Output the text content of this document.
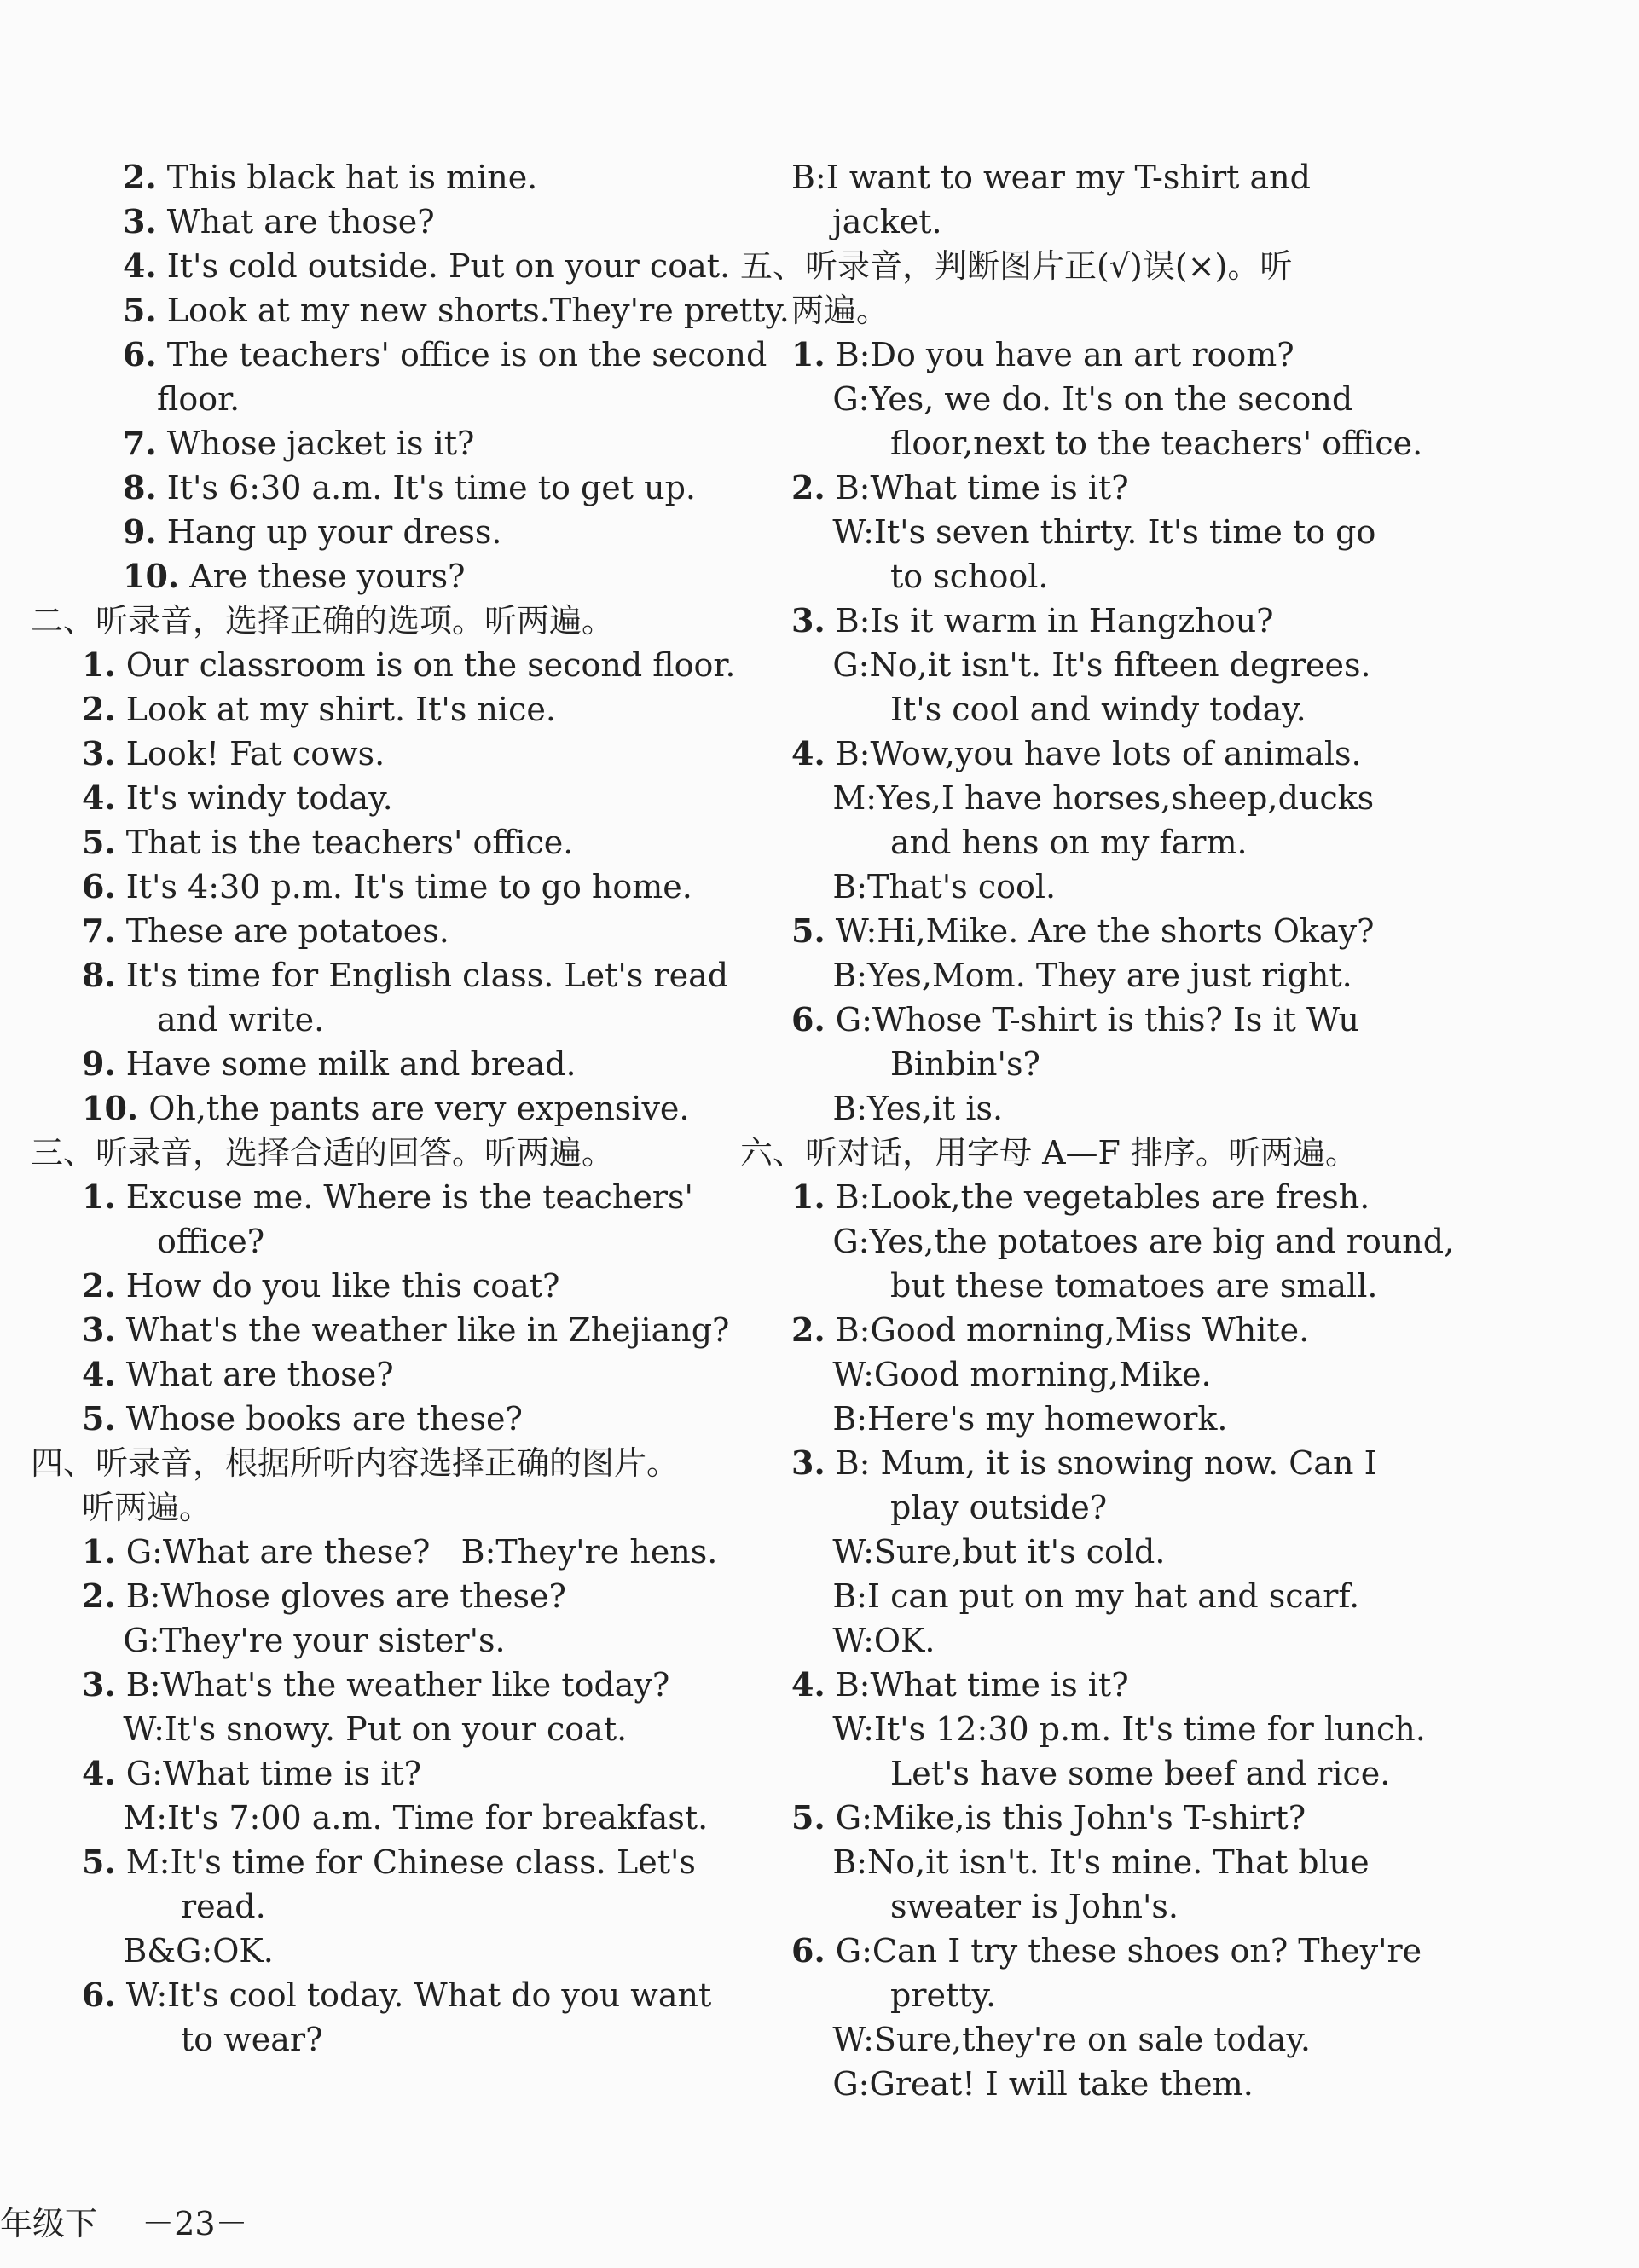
2. This black hat is mine.
3. What are those?
4. It's cold outside. Put on your coat.
5. Look at my new shorts.They're pretty.
6. The teachers' office is on the second
floor.
7. Whose jacket is it?
8. It's 6:30 a.m. It's time to get up.
9. Hang up your dress.
10. Are these yours?
二、听录音，选择正确的选项。听两遍。
1. Our classroom is on the second floor.
2. Look at my shirt. It's nice.
3. Look! Fat cows.
4. It's windy today.
5. That is the teachers' office.
6. It's 4:30 p.m. It's time to go home.
7. These are potatoes.
8. It's time for English class. Let's read
and write.
9. Have some milk and bread.
10. Oh,the pants are very expensive.
三、听录音，选择合适的回答。听两遍。
1. Excuse me. Where is the teachers'
office?
2. How do you like this coat?
3. What's the weather like in Zhejiang?
4. What are those?
5. Whose books are these?
四、听录音，根据所听内容选择正确的图片。
听两遍。
1. G:What are these?   B:They're hens.
2. B:Whose gloves are these?
G:They're your sister's.
3. B:What's the weather like today?
W:It's snowy. Put on your coat.
4. G:What time is it?
M:It's 7:00 a.m. Time for breakfast.
5. M:It's time for Chinese class. Let's
read.
B&G:OK.
6. W:It's cool today. What do you want
to wear?
B:I want to wear my T-shirt and
jacket.
五、听录音，判断图片正(√)误(×)。听
两遍。
1. B:Do you have an art room?
G:Yes, we do. It's on the second
floor,next to the teachers' office.
2. B:What time is it?
W:It's seven thirty. It's time to go
to school.
3. B:Is it warm in Hangzhou?
G:No,it isn't. It's fifteen degrees.
It's cool and windy today.
4. B:Wow,you have lots of animals.
M:Yes,I have horses,sheep,ducks
and hens on my farm.
B:That's cool.
5. W:Hi,Mike. Are the shorts Okay?
B:Yes,Mom. They are just right.
6. G:Whose T-shirt is this? Is it Wu
Binbin's?
B:Yes,it is.
六、听对话，用字母 A—F 排序。听两遍。
1. B:Look,the vegetables are fresh.
G:Yes,the potatoes are big and round,
but these tomatoes are small.
2. B:Good morning,Miss White.
W:Good morning,Mike.
B:Here's my homework.
3. B: Mum, it is snowing now. Can I
play outside?
W:Sure,but it's cold.
B:I can put on my hat and scarf.
W:OK.
4. B:What time is it?
W:It's 12:30 p.m. It's time for lunch.
Let's have some beef and rice.
5. G:Mike,is this John's T-shirt?
B:No,it isn't. It's mine. That blue
sweater is John's.
6. G:Can I try these shoes on? They're
pretty.
W:Sure,they're on sale today.
G:Great! I will take them.
年级下 －23－
